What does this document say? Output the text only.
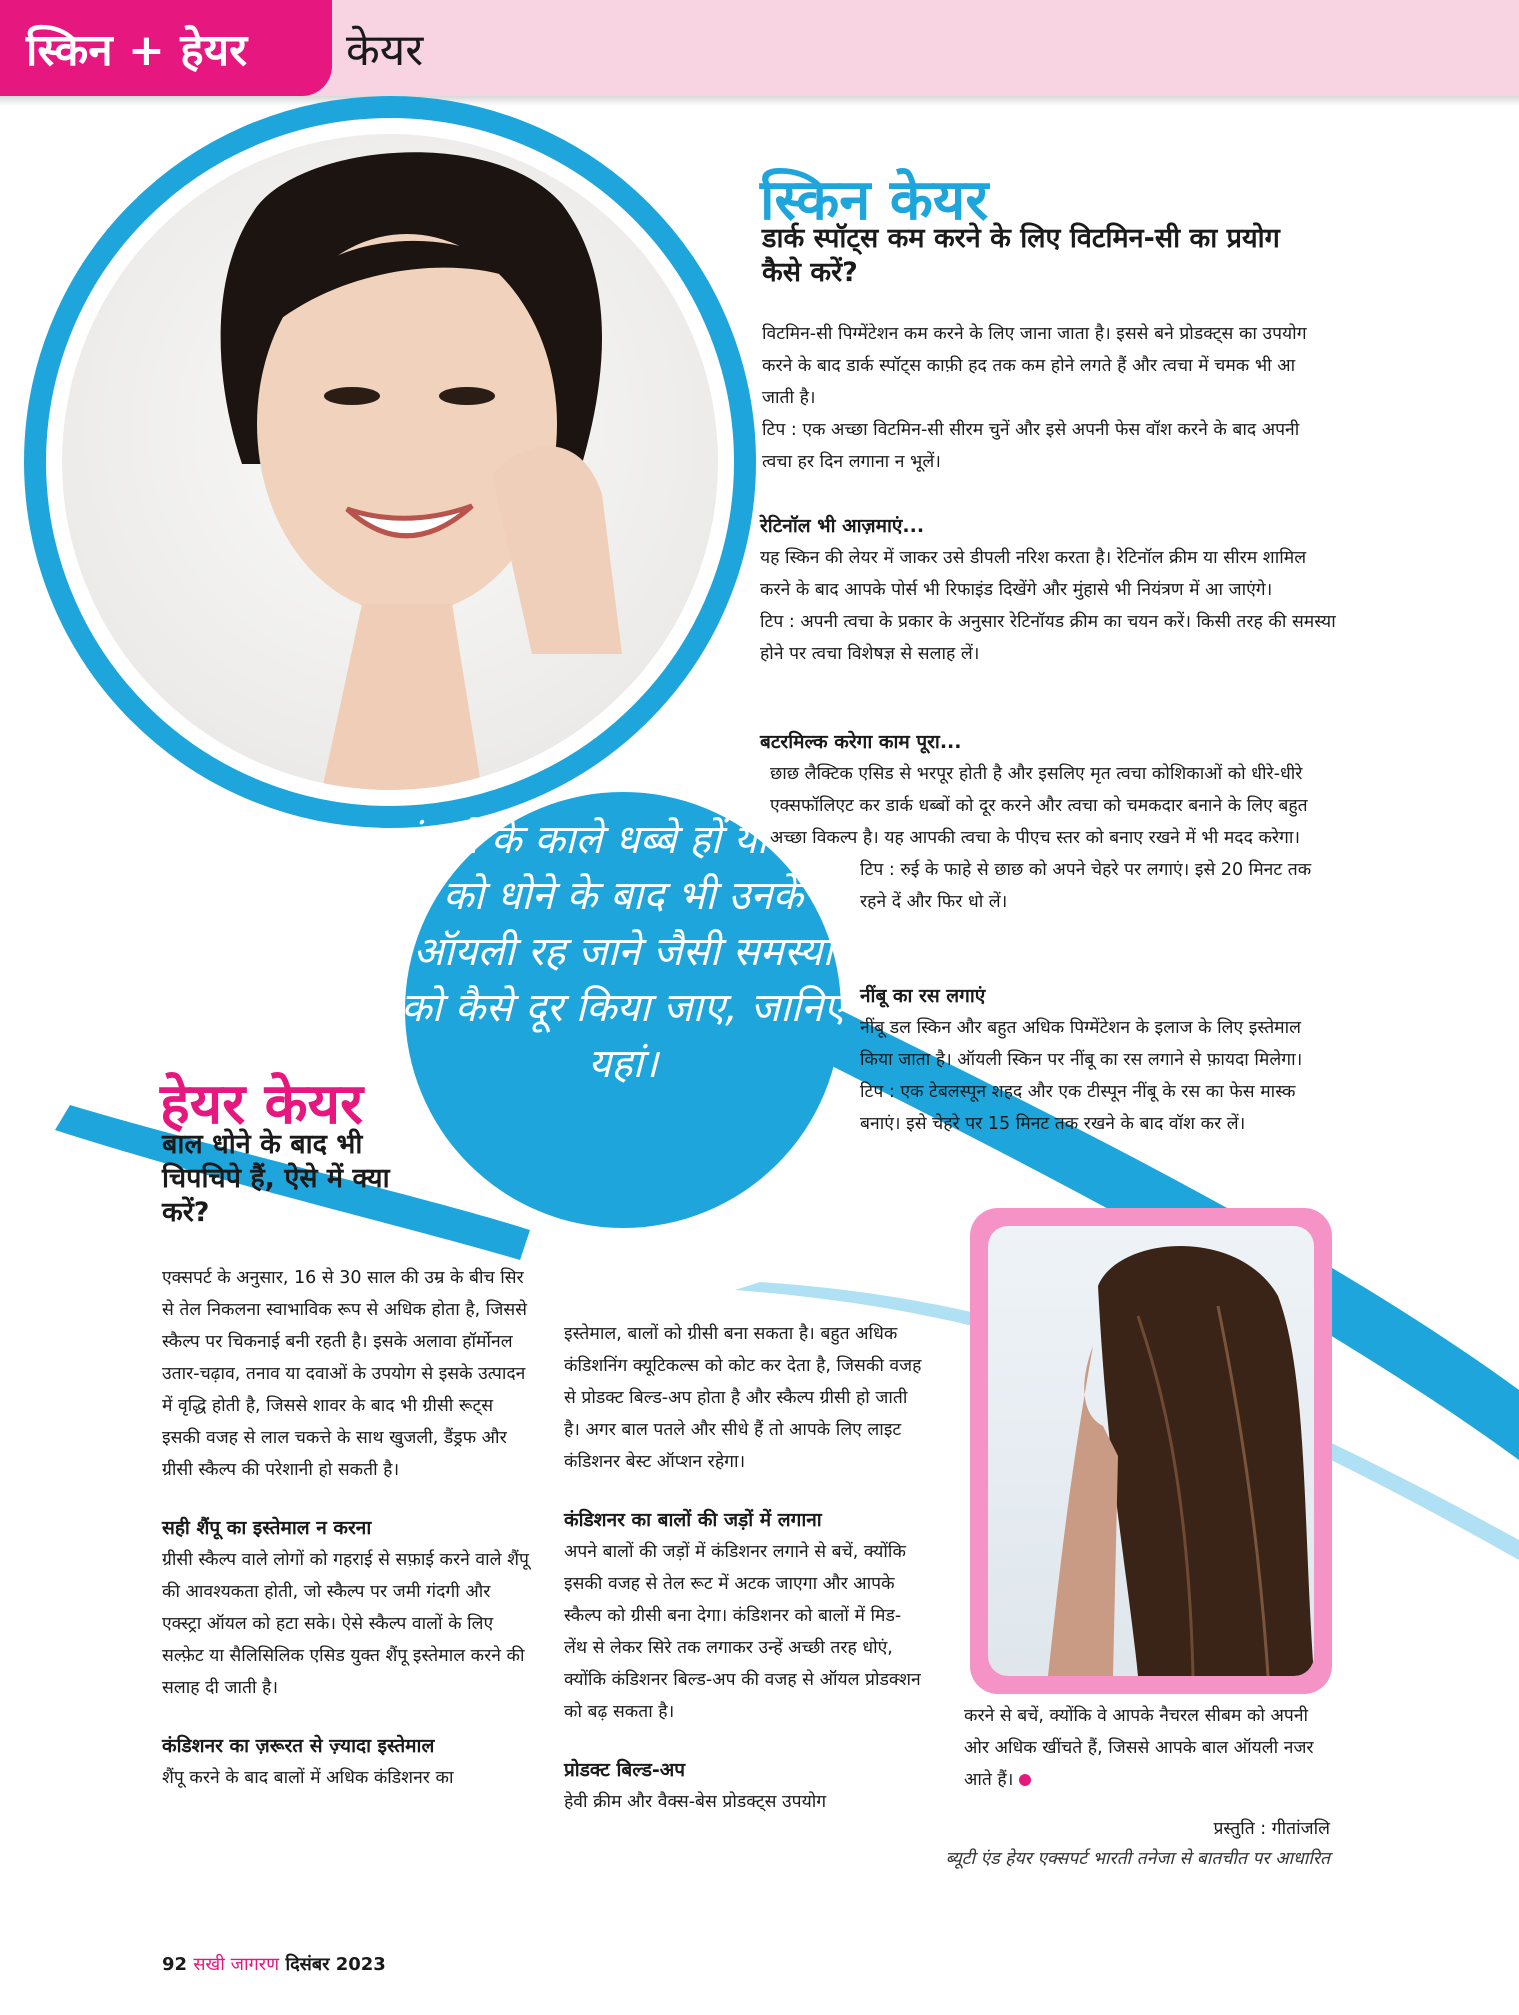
स्किन + हेयर केयर
मुंहासे के काले धब्बे हों या बालों को धोने के बाद भी उनके ऑयली रह जाने जैसी समस्या को कैसे दूर किया जाए, जानिए यहां।
स्किन केयर
डार्क स्पॉट्स कम करने के लिए विटमिन-सी का प्रयोग कैसे करें?

विटमिन-सी पिग्मेंटेशन कम करने के लिए जाना जाता है। इससे बने प्रोडक्ट्स का उपयोग करने के बाद डार्क स्पॉट्स काफ़ी हद तक कम होने लगते हैं और त्वचा में चमक भी आ जाती है।

टिप : एक अच्छा विटमिन-सी सीरम चुनें और इसे अपनी फेस वॉश करने के बाद अपनी त्वचा हर दिन लगाना न भूलें।

रेटिनॉल भी आज़माएं...

यह स्किन की लेयर में जाकर उसे डीपली नरिश करता है। रेटिनॉल क्रीम या सीरम शामिल करने के बाद आपके पोर्स भी रिफाइंड दिखेंगे और मुंहासे भी नियंत्रण में आ जाएंगे।

टिप : अपनी त्वचा के प्रकार के अनुसार रेटिनॉयड क्रीम का चयन करें। किसी तरह की समस्या होने पर त्वचा विशेषज्ञ से सलाह लें।

बटरमिल्क करेगा काम पूरा...

छाछ लैक्टिक एसिड से भरपूर होती है और इसलिए मृत त्वचा कोशिकाओं को धीरे-धीरे एक्सफॉलिएट कर डार्क धब्बों को दूर करने और त्वचा को चमकदार बनाने के लिए बहुत अच्छा विकल्प है। यह आपकी त्वचा के पीएच स्तर को बनाए रखने में भी मदद करेगा।

टिप : रुई के फाहे से छाछ को अपने चेहरे पर लगाएं। इसे 20 मिनट तक रहने दें और फिर धो लें।

नींबू का रस लगाएं

नींबू डल स्किन और बहुत अधिक पिग्मेंटेशन के इलाज के लिए इस्तेमाल किया जाता है। ऑयली स्किन पर नींबू का रस लगाने से फ़ायदा मिलेगा।

टिप : एक टेबलस्पून शहद और एक टीस्पून नींबू के रस का फेस मास्क बनाएं। इसे चेहरे पर 15 मिनट तक रखने के बाद वॉश कर लें।

हेयर केयर
बाल धोने के बाद भी चिपचिपे हैं, ऐसे में क्या करें?

एक्सपर्ट के अनुसार, 16 से 30 साल की उम्र के बीच सिर से तेल निकलना स्वाभाविक रूप से अधिक होता है, जिससे स्कैल्प पर चिकनाई बनी रहती है। इसके अलावा हॉर्मोनल उतार-चढ़ाव, तनाव या दवाओं के उपयोग से इसके उत्पादन में वृद्धि होती है, जिससे शावर के बाद भी ग्रीसी रूट्स इसकी वजह से लाल चकत्ते के साथ खुजली, डैंड्रफ और ग्रीसी स्कैल्प की परेशानी हो सकती है।

सही शैंपू का इस्तेमाल न करना

ग्रीसी स्कैल्प वाले लोगों को गहराई से सफ़ाई करने वाले शैंपू की आवश्यकता होती, जो स्कैल्प पर जमी गंदगी और एक्स्ट्रा ऑयल को हटा सके। ऐसे स्कैल्प वालों के लिए सल्फ़ेट या सैलिसिलिक एसिड युक्त शैंपू इस्तेमाल करने की सलाह दी जाती है।

कंडिशनर का ज़रूरत से ज़्यादा इस्तेमाल

शैंपू करने के बाद बालों में अधिक कंडिशनर का

इस्तेमाल, बालों को ग्रीसी बना सकता है। बहुत अधिक कंडिशनिंग क्यूटिकल्स को कोट कर देता है, जिसकी वजह से प्रोडक्ट बिल्ड-अप होता है और स्कैल्प ग्रीसी हो जाती है। अगर बाल पतले और सीधे हैं तो आपके लिए लाइट कंडिशनर बेस्ट ऑप्शन रहेगा।

कंडिशनर का बालों की जड़ों में लगाना

अपने बालों की जड़ों में कंडिशनर लगाने से बचें, क्योंकि इसकी वजह से तेल रूट में अटक जाएगा और आपके स्कैल्प को ग्रीसी बना देगा। कंडिशनर को बालों में मिड-लेंथ से लेकर सिरे तक लगाकर उन्हें अच्छी तरह धोएं, क्योंकि कंडिशनर बिल्ड-अप की वजह से ऑयल प्रोडक्शन को बढ़ सकता है।

प्रोडक्ट बिल्ड-अप

हेवी क्रीम और वैक्स-बेस प्रोडक्ट्स उपयोग

करने से बचें, क्योंकि वे आपके नैचरल सीबम को अपनी ओर अधिक खींचते हैं, जिससे आपके बाल ऑयली नजर आते हैं।

प्रस्तुति : गीतांजलि
ब्यूटी एंड हेयर एक्सपर्ट भारती तनेजा से बातचीत पर आधारित
92 सखी जागरण दिसंबर 2023
